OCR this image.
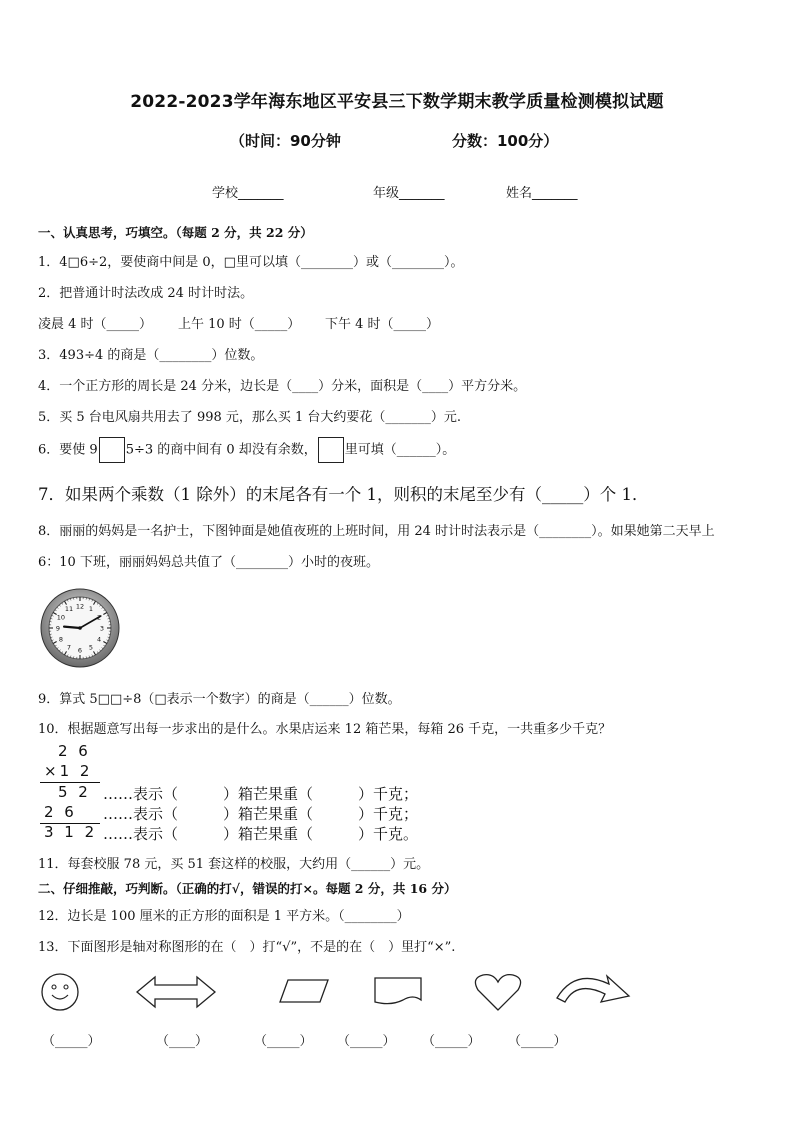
2022-2023学年海东地区平安县三下数学期末教学质量检测模拟试题
（时间：90分钟	分数：100分）
学校_______	年级_______	姓名_______
一、认真思考，巧填空。（每题 2 分，共 22 分）
1．4□6÷2，要使商中间是 0，□里可以填（________）或（________）。
2．把普通计时法改成 24 时计时法。
凌晨 4 时（_____） 上午 10 时（_____） 下午 4 时（_____）
3．493÷4 的商是（________）位数。
4．一个正方形的周长是 24 分米，边长是（____）分米，面积是（____）平方分米。
5．买 5 台电风扇共用去了 998 元，那么买 1 台大约要花（_______）元.
6．要使 9 5÷3 的商中间有 0 却没有余数， 里可填（______）。
7．如果两个乘数（1 除外）的末尾各有一个 1，则积的末尾至少有（_____）个 1．
8．丽丽的妈妈是一名护士，下图钟面是她值夜班的上班时间，用 24 时计时法表示是（________）。如果她第二天早上
6：10 下班，丽丽妈妈总共值了（________）小时的夜班。
1
3
4
5
6
7
8
9
10
11 12
9．算式 5□□÷8（□表示一个数字）的商是（______）位数。
10．根据题意写出每一步求出的是什么。水果店运来 12 箱芒果，每箱 26 千克，一共重多少千克？
2 6
×1 2
5 2 ……表示（　　　）箱芒果重（　　　）千克；
2 6 ……表示（　　　）箱芒果重（　　　）千克；
3 1 2 ……表示（　　　）箱芒果重（　　　）千克。
11．每套校服 78 元，买 51 套这样的校服，大约用（______）元。
二、仔细推敲，巧判断。（正确的打√，错误的打×。每题 2 分，共 16 分）
12．边长是 100 厘米的正方形的面积是 1 平方米。（________）
13．下面图形是轴对称图形的在（　）打“√”，不是的在（　）里打“×”.
（_____）	（____）	（_____） （_____） （_____） （_____）
